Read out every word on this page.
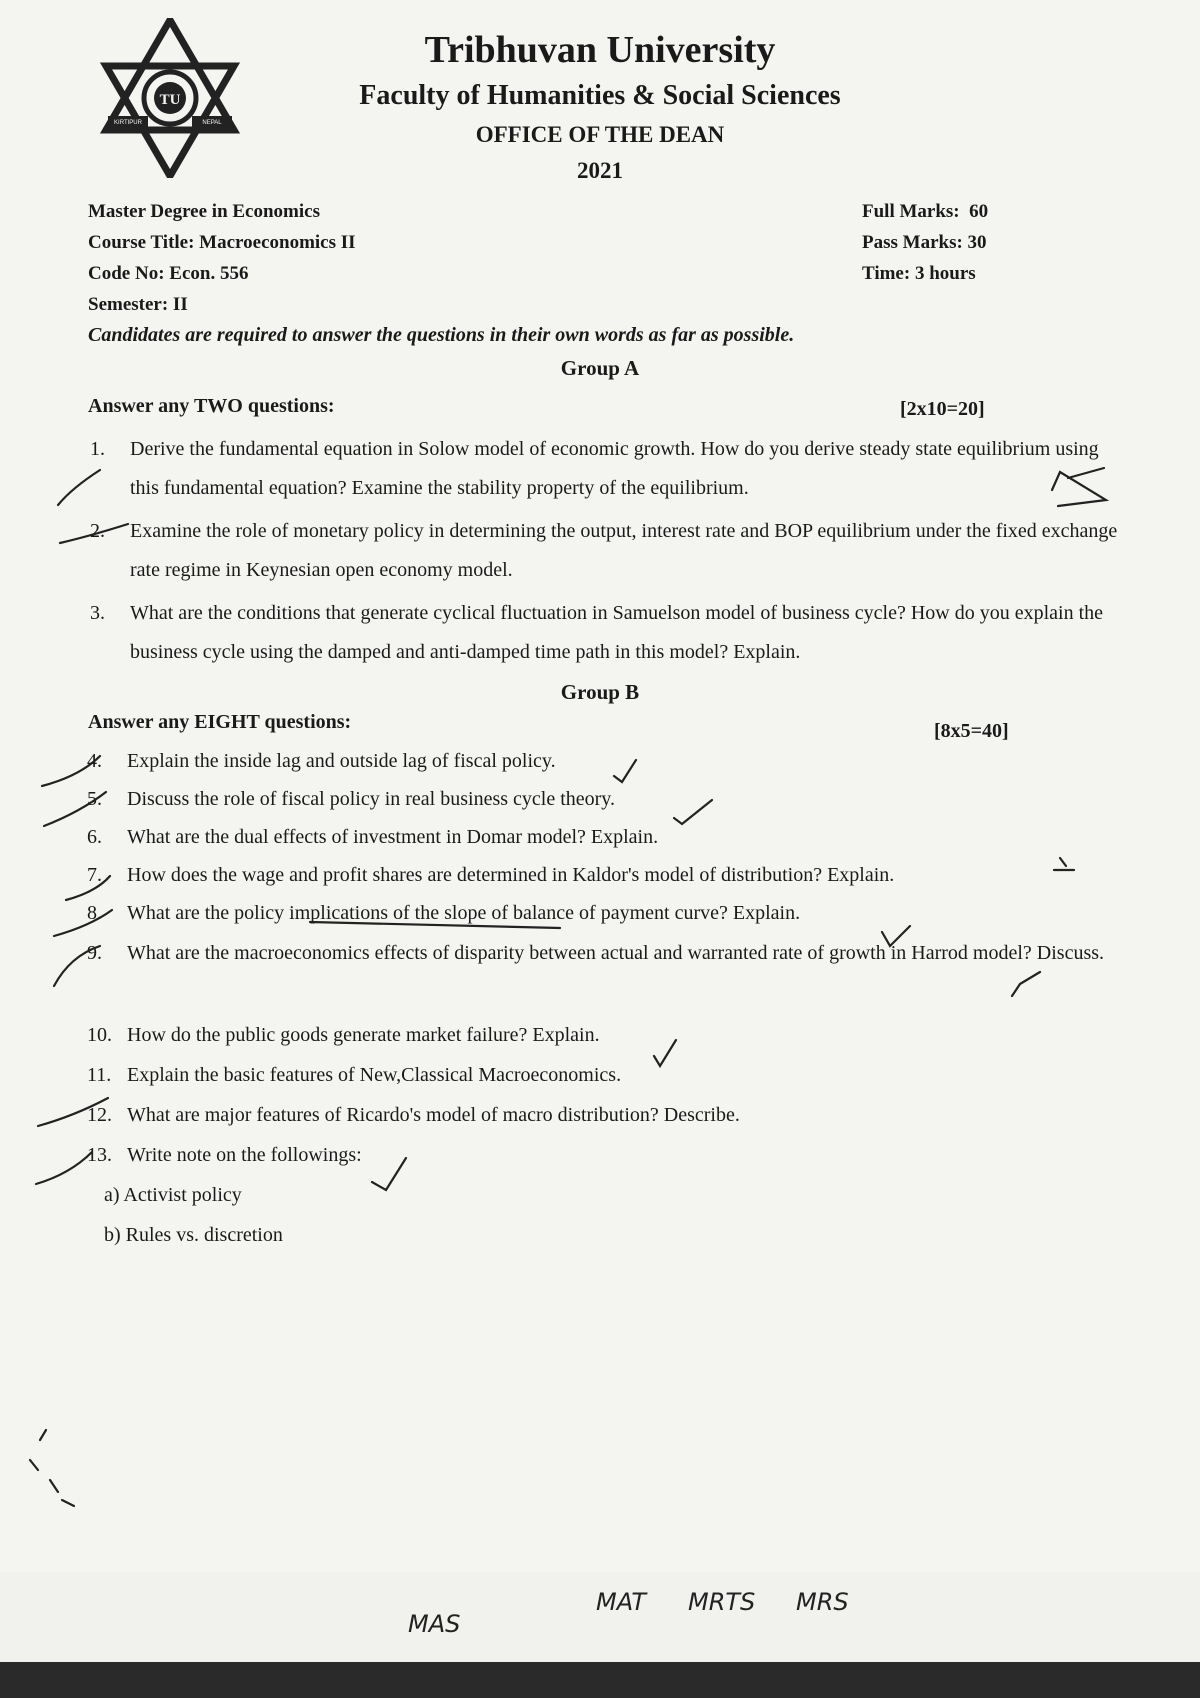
TU
KIRTIPUR	NEPAL
Tribhuvan University
Faculty of Humanities & Social Sciences
OFFICE OF THE DEAN
2021
Master Degree in Economics
Course Title: Macroeconomics II
Code No: Econ. 556
Semester: II
Full Marks:  60
Pass Marks: 30
Time: 3 hours
Candidates are required to answer the questions in their own words as far as possible.
Group A
Answer any TWO questions:	[2x10=20]
1. Derive the fundamental equation in Solow model of economic growth. How do you derive steady state equilibrium using this fundamental equation? Examine the stability property of the equilibrium.
2. Examine the role of monetary policy in determining the output, interest rate and BOP equilibrium under the fixed exchange rate regime in Keynesian open economy model.
3. What are the conditions that generate cyclical fluctuation in Samuelson model of business cycle? How do you explain the business cycle using the damped and anti-damped time path in this model? Explain.
Group B
Answer any EIGHT questions:	[8x5=40]
4. Explain the inside lag and outside lag of fiscal policy.
5. Discuss the role of fiscal policy in real business cycle theory.
6. What are the dual effects of investment in Domar model? Explain.
7. How does the wage and profit shares are determined in Kaldor's model of distribution? Explain.
8. What are the policy implications of the slope of balance of payment curve? Explain.
9. What are the macroeconomics effects of disparity between actual and warranted rate of growth in Harrod model? Discuss.
10. How do the public goods generate market failure? Explain.
11. Explain the basic features of New,Classical Macroeconomics.
12. What are major features of Ricardo's model of macro distribution? Describe.
13. Write note on the followings:
a) Activist policy
b) Rules vs. discretion
MAS
MAT MRTS MRS
